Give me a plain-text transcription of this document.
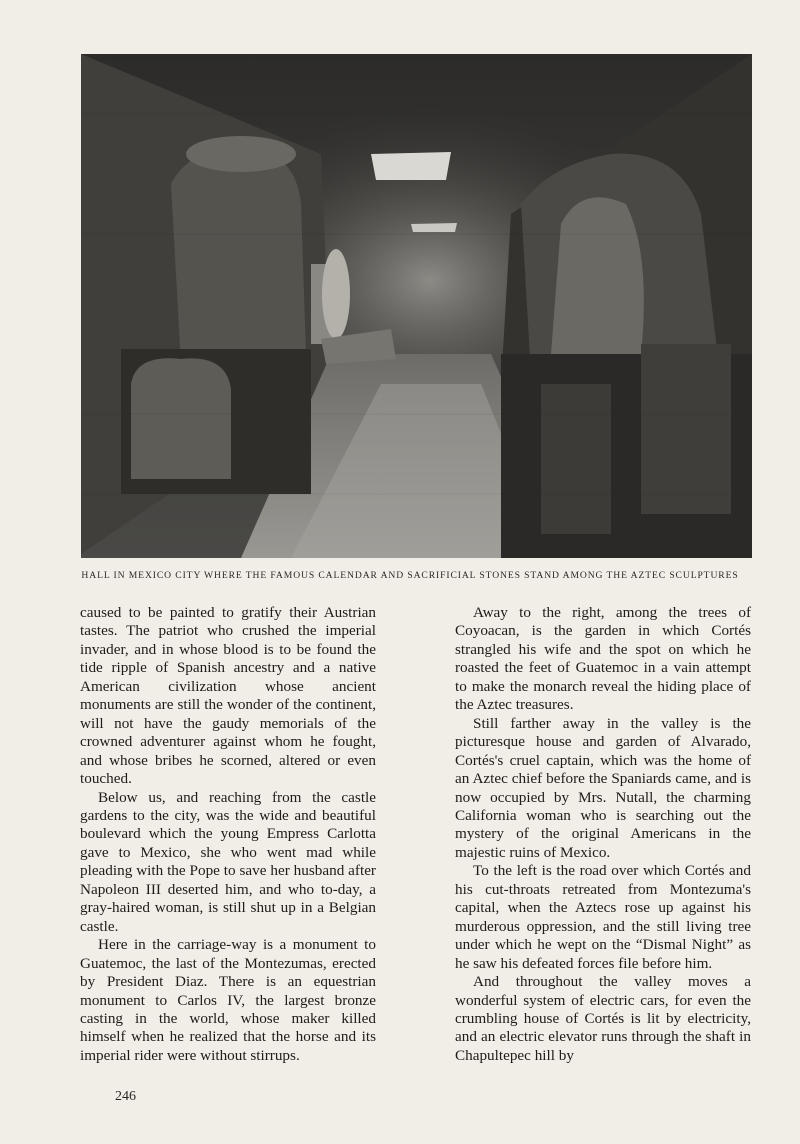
HALL IN MEXICO CITY WHERE THE FAMOUS CALENDAR AND SACRIFICIAL STONES STAND AMONG THE AZTEC SCULPTURES

caused to be painted to gratify their Austrian tastes. The patriot who crushed the imperial invader, and in whose blood is to be found the tide ripple of Spanish ancestry and a native American civilization whose ancient monuments are still the wonder of the continent, will not have the gaudy memorials of the crowned adventurer against whom he fought, and whose bribes he scorned, altered or even touched.

Below us, and reaching from the castle gardens to the city, was the wide and beautiful boulevard which the young Empress Carlotta gave to Mexico, she who went mad while pleading with the Pope to save her husband after Napoleon III deserted him, and who to-day, a gray-haired woman, is still shut up in a Belgian castle.

Here in the carriage-way is a monument to Guatemoc, the last of the Montezumas, erected by President Diaz. There is an equestrian monument to Carlos IV, the largest bronze casting in the world, whose maker killed himself when he realized that the horse and its imperial rider were without stirrups.

Away to the right, among the trees of Coyoacan, is the garden in which Cortés strangled his wife and the spot on which he roasted the feet of Guatemoc in a vain attempt to make the monarch reveal the hiding place of the Aztec treasures.

Still farther away in the valley is the picturesque house and garden of Alvarado, Cortés's cruel captain, which was the home of an Aztec chief before the Spaniards came, and is now occupied by Mrs. Nutall, the charming California woman who is searching out the mystery of the original Americans in the majestic ruins of Mexico.

To the left is the road over which Cortés and his cut-throats retreated from Montezuma's capital, when the Aztecs rose up against his murderous oppression, and the still living tree under which he wept on the “Dismal Night” as he saw his defeated forces file before him.

And throughout the valley moves a wonderful system of electric cars, for even the crumbling house of Cortés is lit by electricity, and an electric elevator runs through the shaft in Chapultepec hill by

246
